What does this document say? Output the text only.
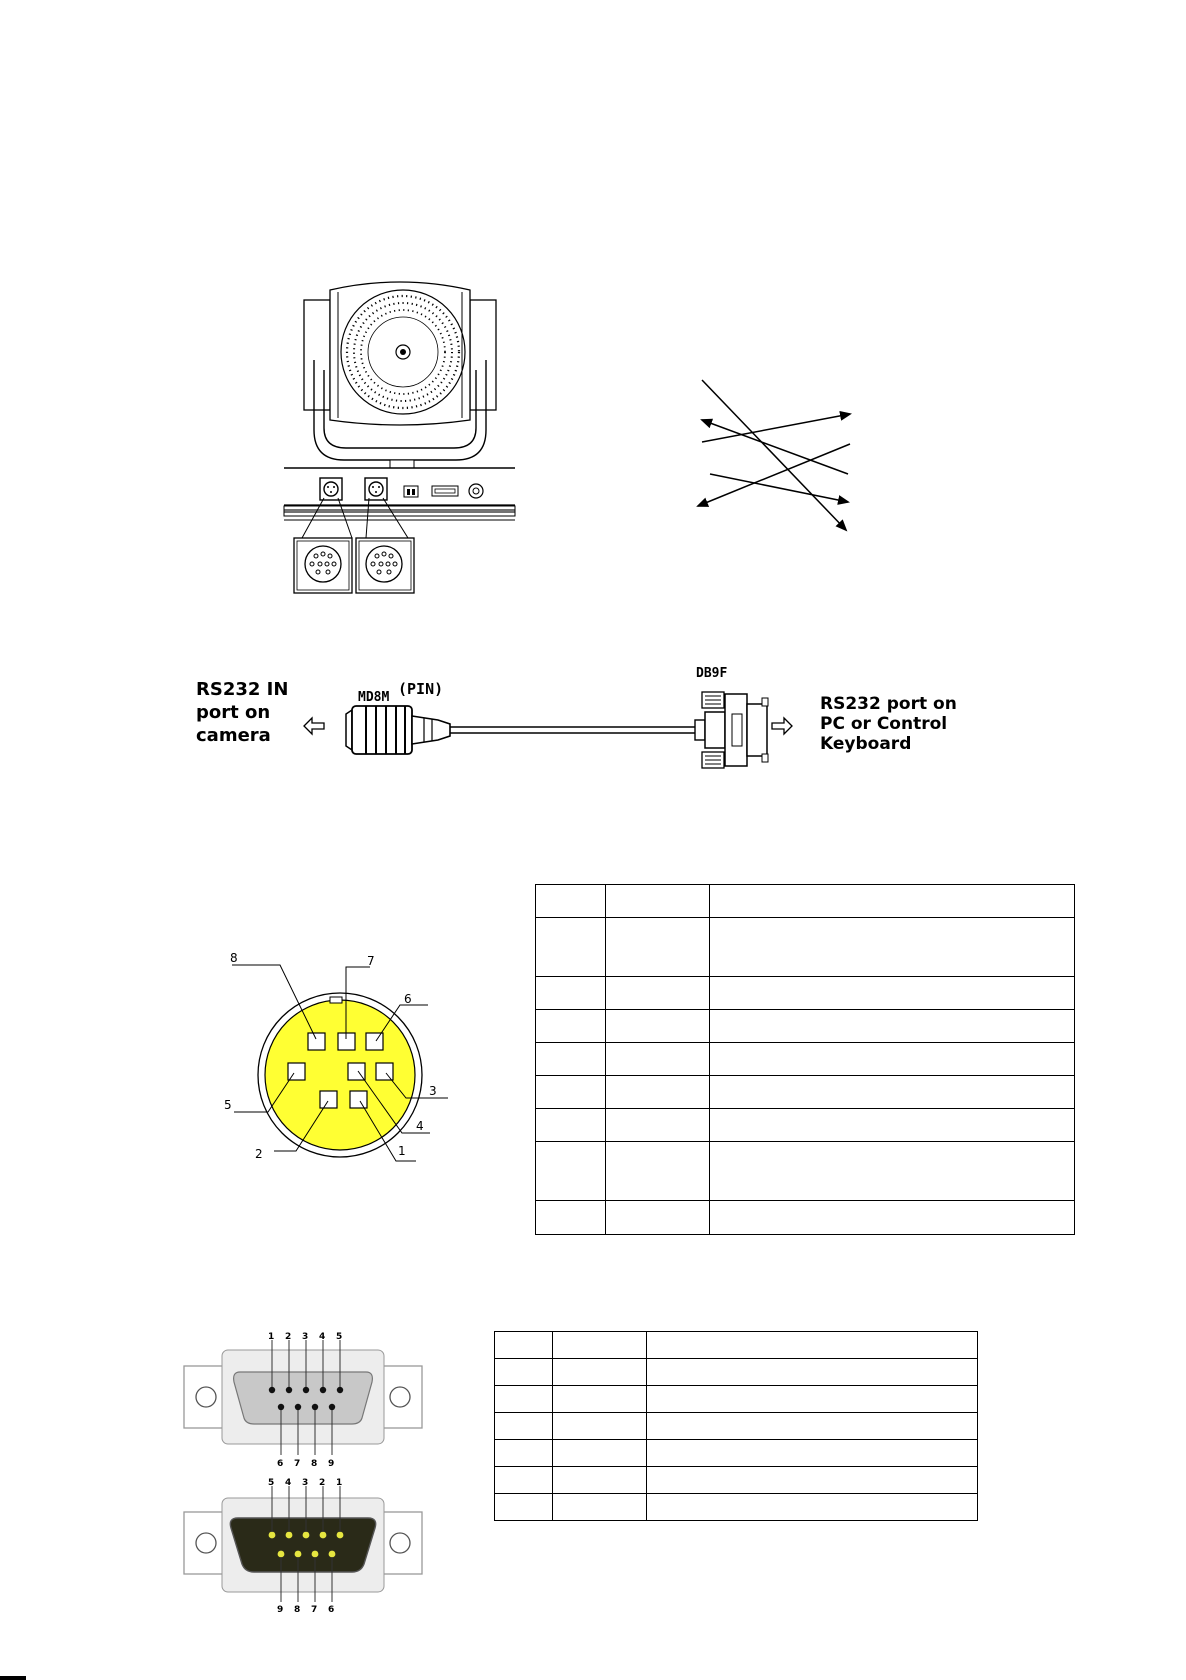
RS232 IN
port on
camera
RS232 port on
PC or Control
Keyboard
MD8M (PIN)
DB9F
8	7
6
5
3
4
2	1

1 2 3 4 5
6 7 8 9
5 4 3 2 1
9 8 7 6
